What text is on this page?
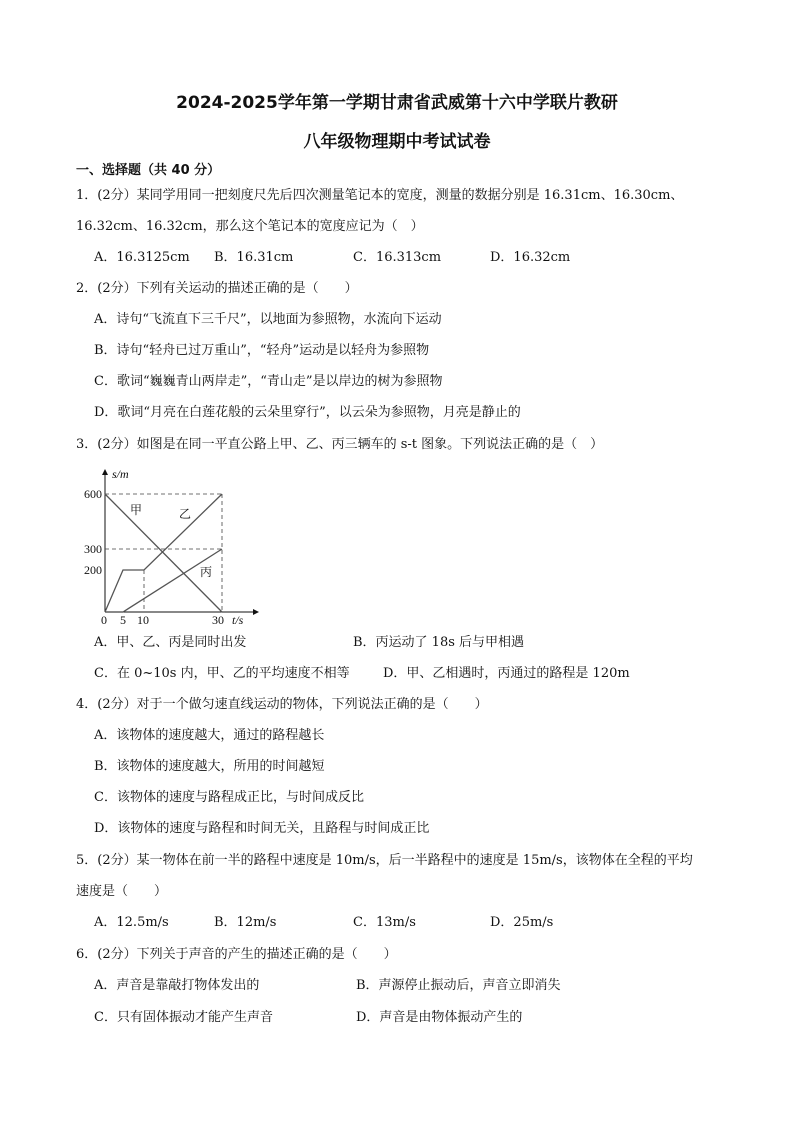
2024-2025学年第一学期甘肃省武威第十六中学联片教研
八年级物理期中考试试卷
一、选择题（共 40 分）
1．(2分）某同学用同一把刻度尺先后四次测量笔记本的宽度，测量的数据分别是 16.31cm、16.30cm、
16.32cm、16.32cm，那么这个笔记本的宽度应记为（　）
A．16.3125cm B．16.31cm	C．16.313cm	D．16.32cm
2．(2分）下列有关运动的描述正确的是（　　）
A．诗句“飞流直下三千尺”，以地面为参照物，水流向下运动
B．诗句“轻舟已过万重山”，“轻舟”运动是以轻舟为参照物
C．歌词“巍巍青山两岸走”，“青山走”是以岸边的树为参照物
D．歌词“月亮在白莲花般的云朵里穿行”，以云朵为参照物，月亮是静止的
3．(2分）如图是在同一平直公路上甲、乙、丙三辆车的 s-t 图象。下列说法正确的是（　）
s/m
600
300
200
0 5 10	30 t/s
甲	乙
丙
A．甲、乙、丙是同时出发	B．丙运动了 18s 后与甲相遇
C．在 0~10s 内，甲、乙的平均速度不相等	D．甲、乙相遇时，丙通过的路程是 120m
4．(2分）对于一个做匀速直线运动的物体，下列说法正确的是（　　）
A．该物体的速度越大，通过的路程越长
B．该物体的速度越大，所用的时间越短
C．该物体的速度与路程成正比，与时间成反比
D．该物体的速度与路程和时间无关，且路程与时间成正比
5．(2分）某一物体在前一半的路程中速度是 10m/s，后一半路程中的速度是 15m/s，该物体在全程的平均
速度是（　　）
A．12.5m/s	B．12m/s	C．13m/s	D．25m/s
6．(2分）下列关于声音的产生的描述正确的是（　　）
A．声音是靠敲打物体发出的	B．声源停止振动后，声音立即消失
C．只有固体振动才能产生声音	D．声音是由物体振动产生的
